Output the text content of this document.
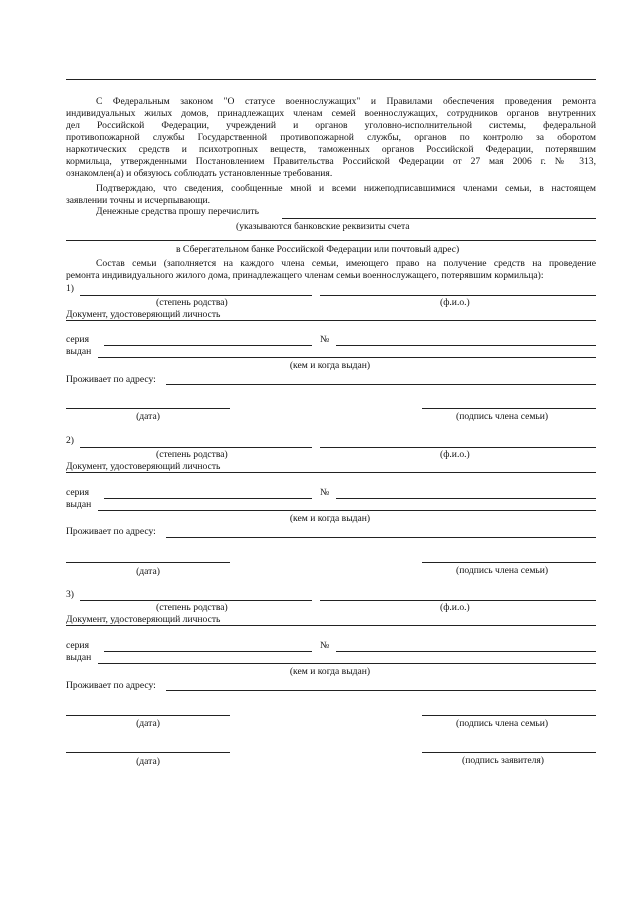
С Федеральным законом "О статусе военнослужащих" и Правилами обеспечения проведения ремонта
индивидуальных жилых домов, принадлежащих членам семей военнослужащих, сотрудников органов внутренних
дел Российской Федерации, учреждений и органов уголовно-исполнительной системы, федеральной
противопожарной службы Государственной противопожарной службы, органов по контролю за оборотом
наркотических средств и психотропных веществ, таможенных органов Российской Федерации, потерявшим
кормильца, утвержденными Постановлением Правительства Российской Федерации от 27 мая 2006 г. № 313,
ознакомлен(а) и обязуюсь соблюдать установленные требования.
Подтверждаю, что сведения, сообщенные мной и всеми нижеподписавшимися членами семьи, в настоящем
заявлении точны и исчерпывающи.
Денежные средства прошу перечислить
(указываются банковские реквизиты счета
в Сберегательном банке Российской Федерации или почтовый адрес)
Состав семьи (заполняется на каждого члена семьи, имеющего право на получение средств на проведение
ремонта индивидуального жилого дома, принадлежащего членам семьи военнослужащего, потерявшим кормильца):
1)
(степень родства)	(ф.и.о.)
Документ, удостоверяющий личность
серия	№
выдан
(кем и когда выдан)
Проживает по адресу:
(дата)	(подпись члена семьи)
2)
(степень родства)	(ф.и.о.)
Документ, удостоверяющий личность
серия	№
выдан
(кем и когда выдан)
Проживает по адресу:
(дата)	(подпись члена семьи)
3)
(степень родства)	(ф.и.о.)
Документ, удостоверяющий личность
серия	№
выдан
(кем и когда выдан)
Проживает по адресу:
(дата)	(подпись члена семьи)
(дата)	(подпись заявителя)
